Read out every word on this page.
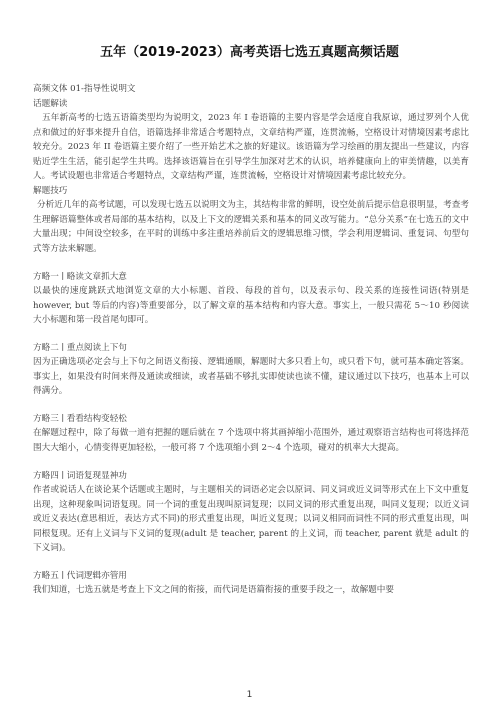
五年（2019-2023）高考英语七选五真题高频话题

高频文体 01-指导性说明文

话题解读

五年新高考的七选五语篇类型均为说明文，2023 年 I 卷语篇的主要内容是学会适度自我原谅，通过罗列个人优点和做过的好事来提升自信，语篇选择非常适合考题特点，文章结构严谨，连贯流畅，空格设计对情境因素考虑比较充分。2023 年 II 卷语篇主要介绍了一些开始艺术之旅的好建议。该语篇为学习绘画的朋友提出一些建议，内容贴近学生生活，能引起学生共鸣。选择该语篇旨在引导学生加深对艺术的认识，培养健康向上的审美情趣，以美育人。考试设题也非常适合考题特点，文章结构严谨，连贯流畅，空格设计对情境因素考虑比较充分。

解题技巧

分析近几年的高考试题，可以发现七选五以说明文为主，其结构非常的鲜明，设空处前后提示信息很明显，考查考生理解语篇整体或者局部的基本结构，以及上下文的逻辑关系和基本的同义改写能力。“总分关系”在七选五的文中大量出现；中间设空较多，在平时的训练中多注重培养前后文的逻辑思维习惯，学会利用逻辑词、重复词、句型句式等方法来解题。

方略一 ∣ 略读文章抓大意

以最快的速度跳跃式地浏览文章的大小标题、首段、每段的首句，以及表示句、段关系的连接性词语(特别是 however, but 等后的内容)等重要部分，以了解文章的基本结构和内容大意。事实上，一般只需花 5～10 秒阅读大小标题和第一段首尾句即可。

方略二 ∣ 重点阅读上下句

因为正确选项必定会与上下句之间语义衔接、逻辑通顺，解题时大多只看上句，或只看下句，就可基本确定答案。事实上，如果没有时间来得及通读或细读，或者基础不够扎实即使读也读不懂，建议通过以下技巧，也基本上可以得满分。

方略三 ∣ 看看结构变轻松

在解题过程中，除了每做一道有把握的题后就在 7 个选项中将其画掉缩小范围外，通过观察语言结构也可将选择范围大大缩小，心情变得更加轻松，一般可将 7 个选项缩小到 2～4 个选项，碰对的机率大大提高。

方略四 ∣ 词语复现显神功

作者或说话人在谈论某个话题或主题时，与主题相关的词语必定会以原词、同义词或近义词等形式在上下文中重复出现，这种现象叫词语复现。同一个词的重复出现叫原词复现；以同义词的形式重复出现，叫同义复现；以近义词或近义表达(意思相近，表达方式不同)的形式重复出现，叫近义复现；以词义相同而词性不同的形式重复出现，叫同根复现。还有上义词与下义词的复现(adult 是 teacher, parent 的上义词，而 teacher, parent 就是 adult 的下义词)。

方略五 ∣ 代词逻辑亦管用

我们知道，七选五就是考查上下文之间的衔接，而代词是语篇衔接的重要手段之一，故解题中要

1
